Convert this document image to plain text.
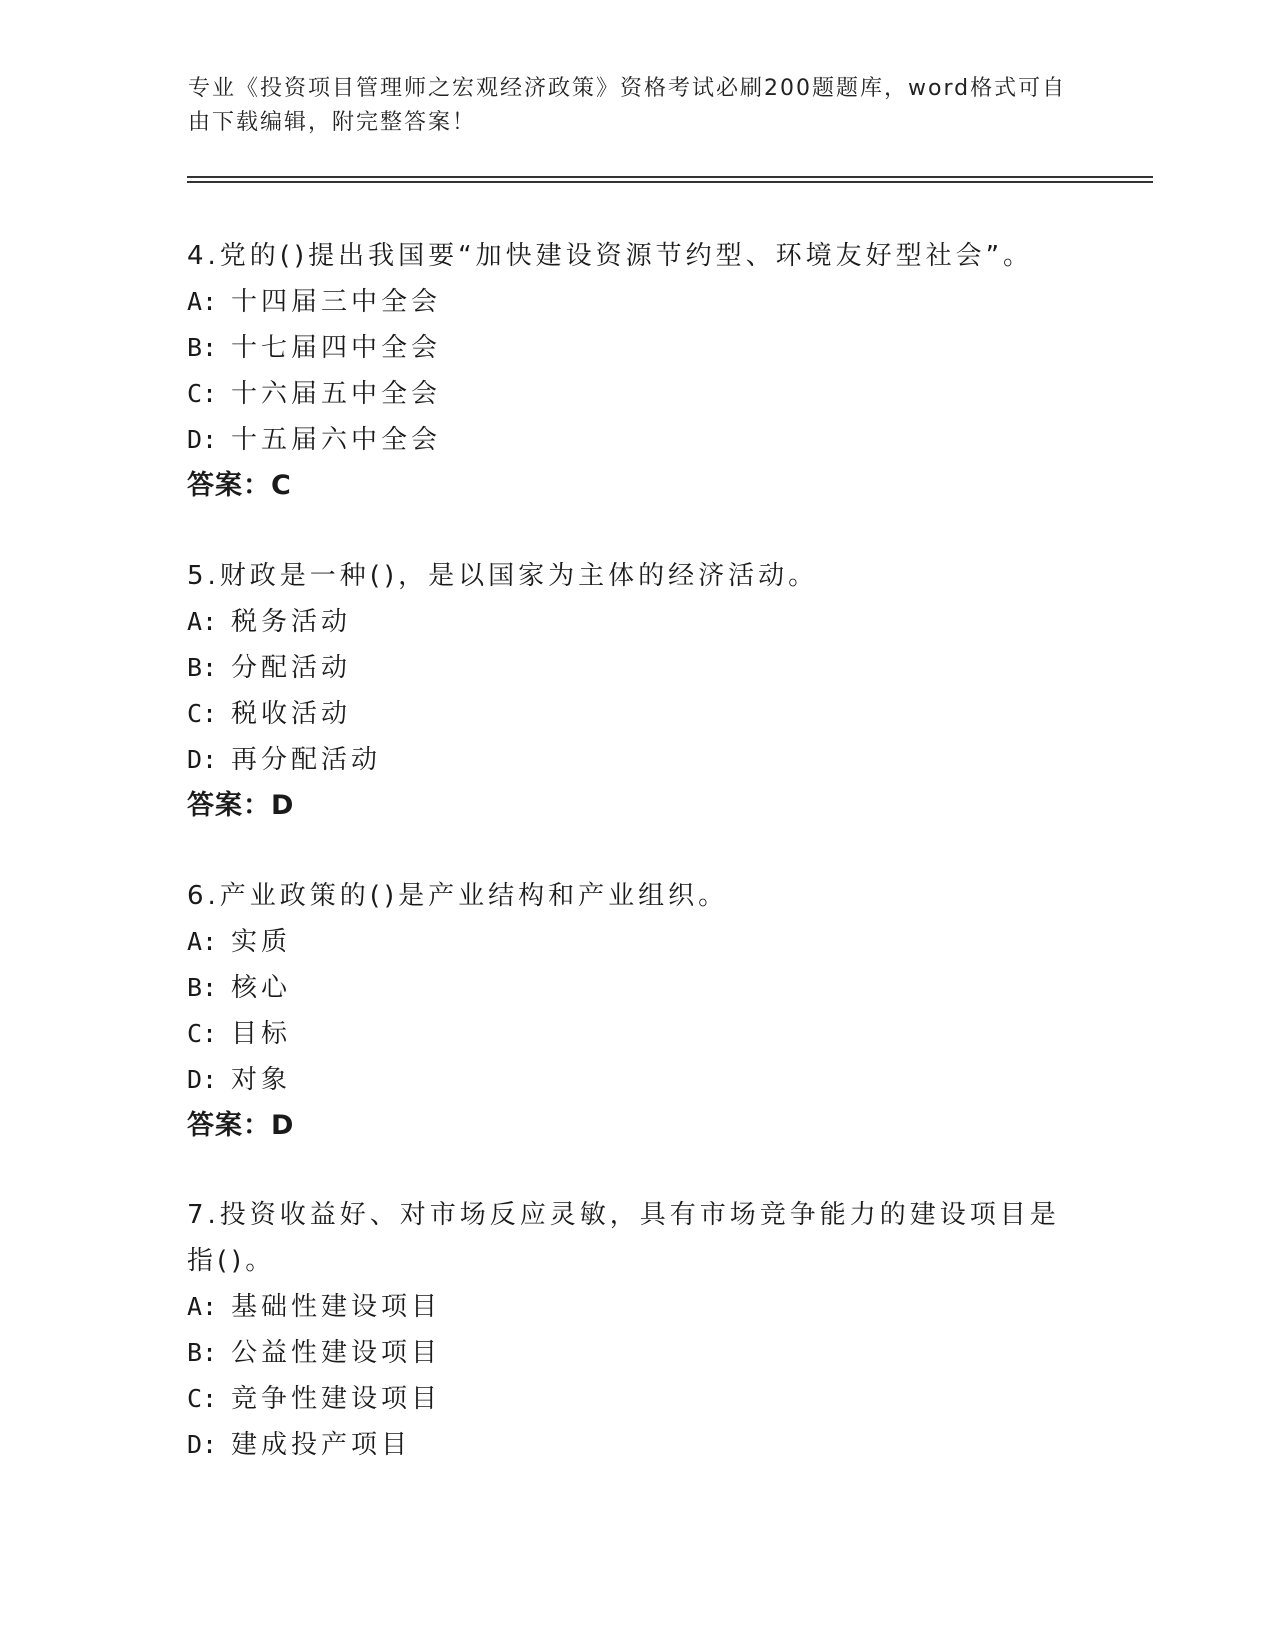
专业《投资项目管理师之宏观经济政策》资格考试必刷200题题库，word格式可自由下载编辑，附完整答案！

4.党的()提出我国要“加快建设资源节约型、环境友好型社会”。

A: 十四届三中全会

B: 十七届四中全会

C: 十六届五中全会

D: 十五届六中全会

答案：C

5.财政是一种()，是以国家为主体的经济活动。

A: 税务活动

B: 分配活动

C: 税收活动

D: 再分配活动

答案：D

6.产业政策的()是产业结构和产业组织。

A: 实质

B: 核心

C: 目标

D: 对象

答案：D

7.投资收益好、对市场反应灵敏，具有市场竞争能力的建设项目是指()。

A: 基础性建设项目

B: 公益性建设项目

C: 竞争性建设项目

D: 建成投产项目
